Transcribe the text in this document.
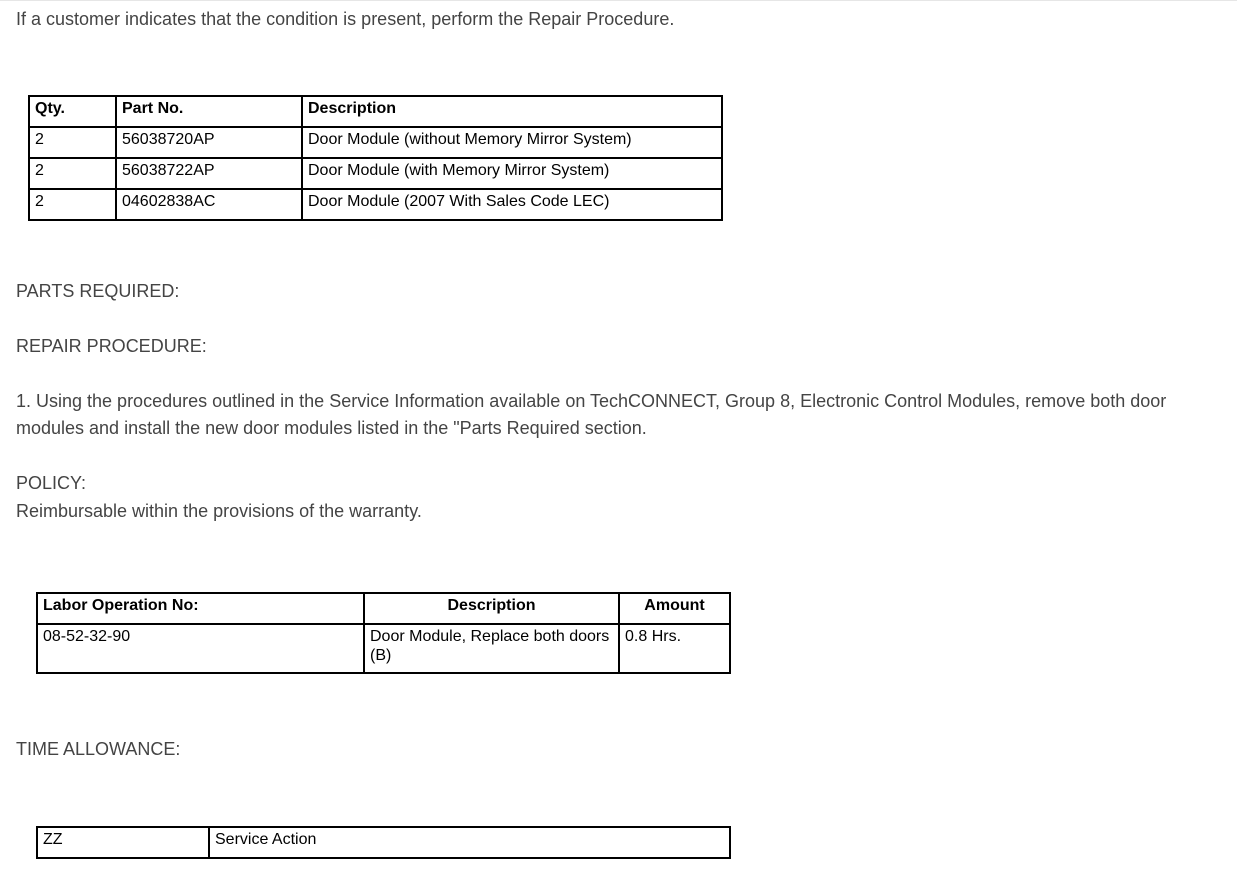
If a customer indicates that the condition is present, perform the Repair Procedure.

Qty.	Part No.	Description
2	56038720AP	Door Module (without Memory Mirror System)
2	56038722AP	Door Module (with Memory Mirror System)
2	04602838AC	Door Module (2007 With Sales Code LEC)

PARTS REQUIRED:

REPAIR PROCEDURE:

1. Using the procedures outlined in the Service Information available on TechCONNECT, Group 8, Electronic Control Modules, remove both door modules and install the new door modules listed in the "Parts Required section.

POLICY:

Reimbursable within the provisions of the warranty.

Labor Operation No:	Description	Amount
08-52-32-90	Door Module, Replace both doors (B)	0.8 Hrs.

TIME ALLOWANCE:

ZZ	Service Action
